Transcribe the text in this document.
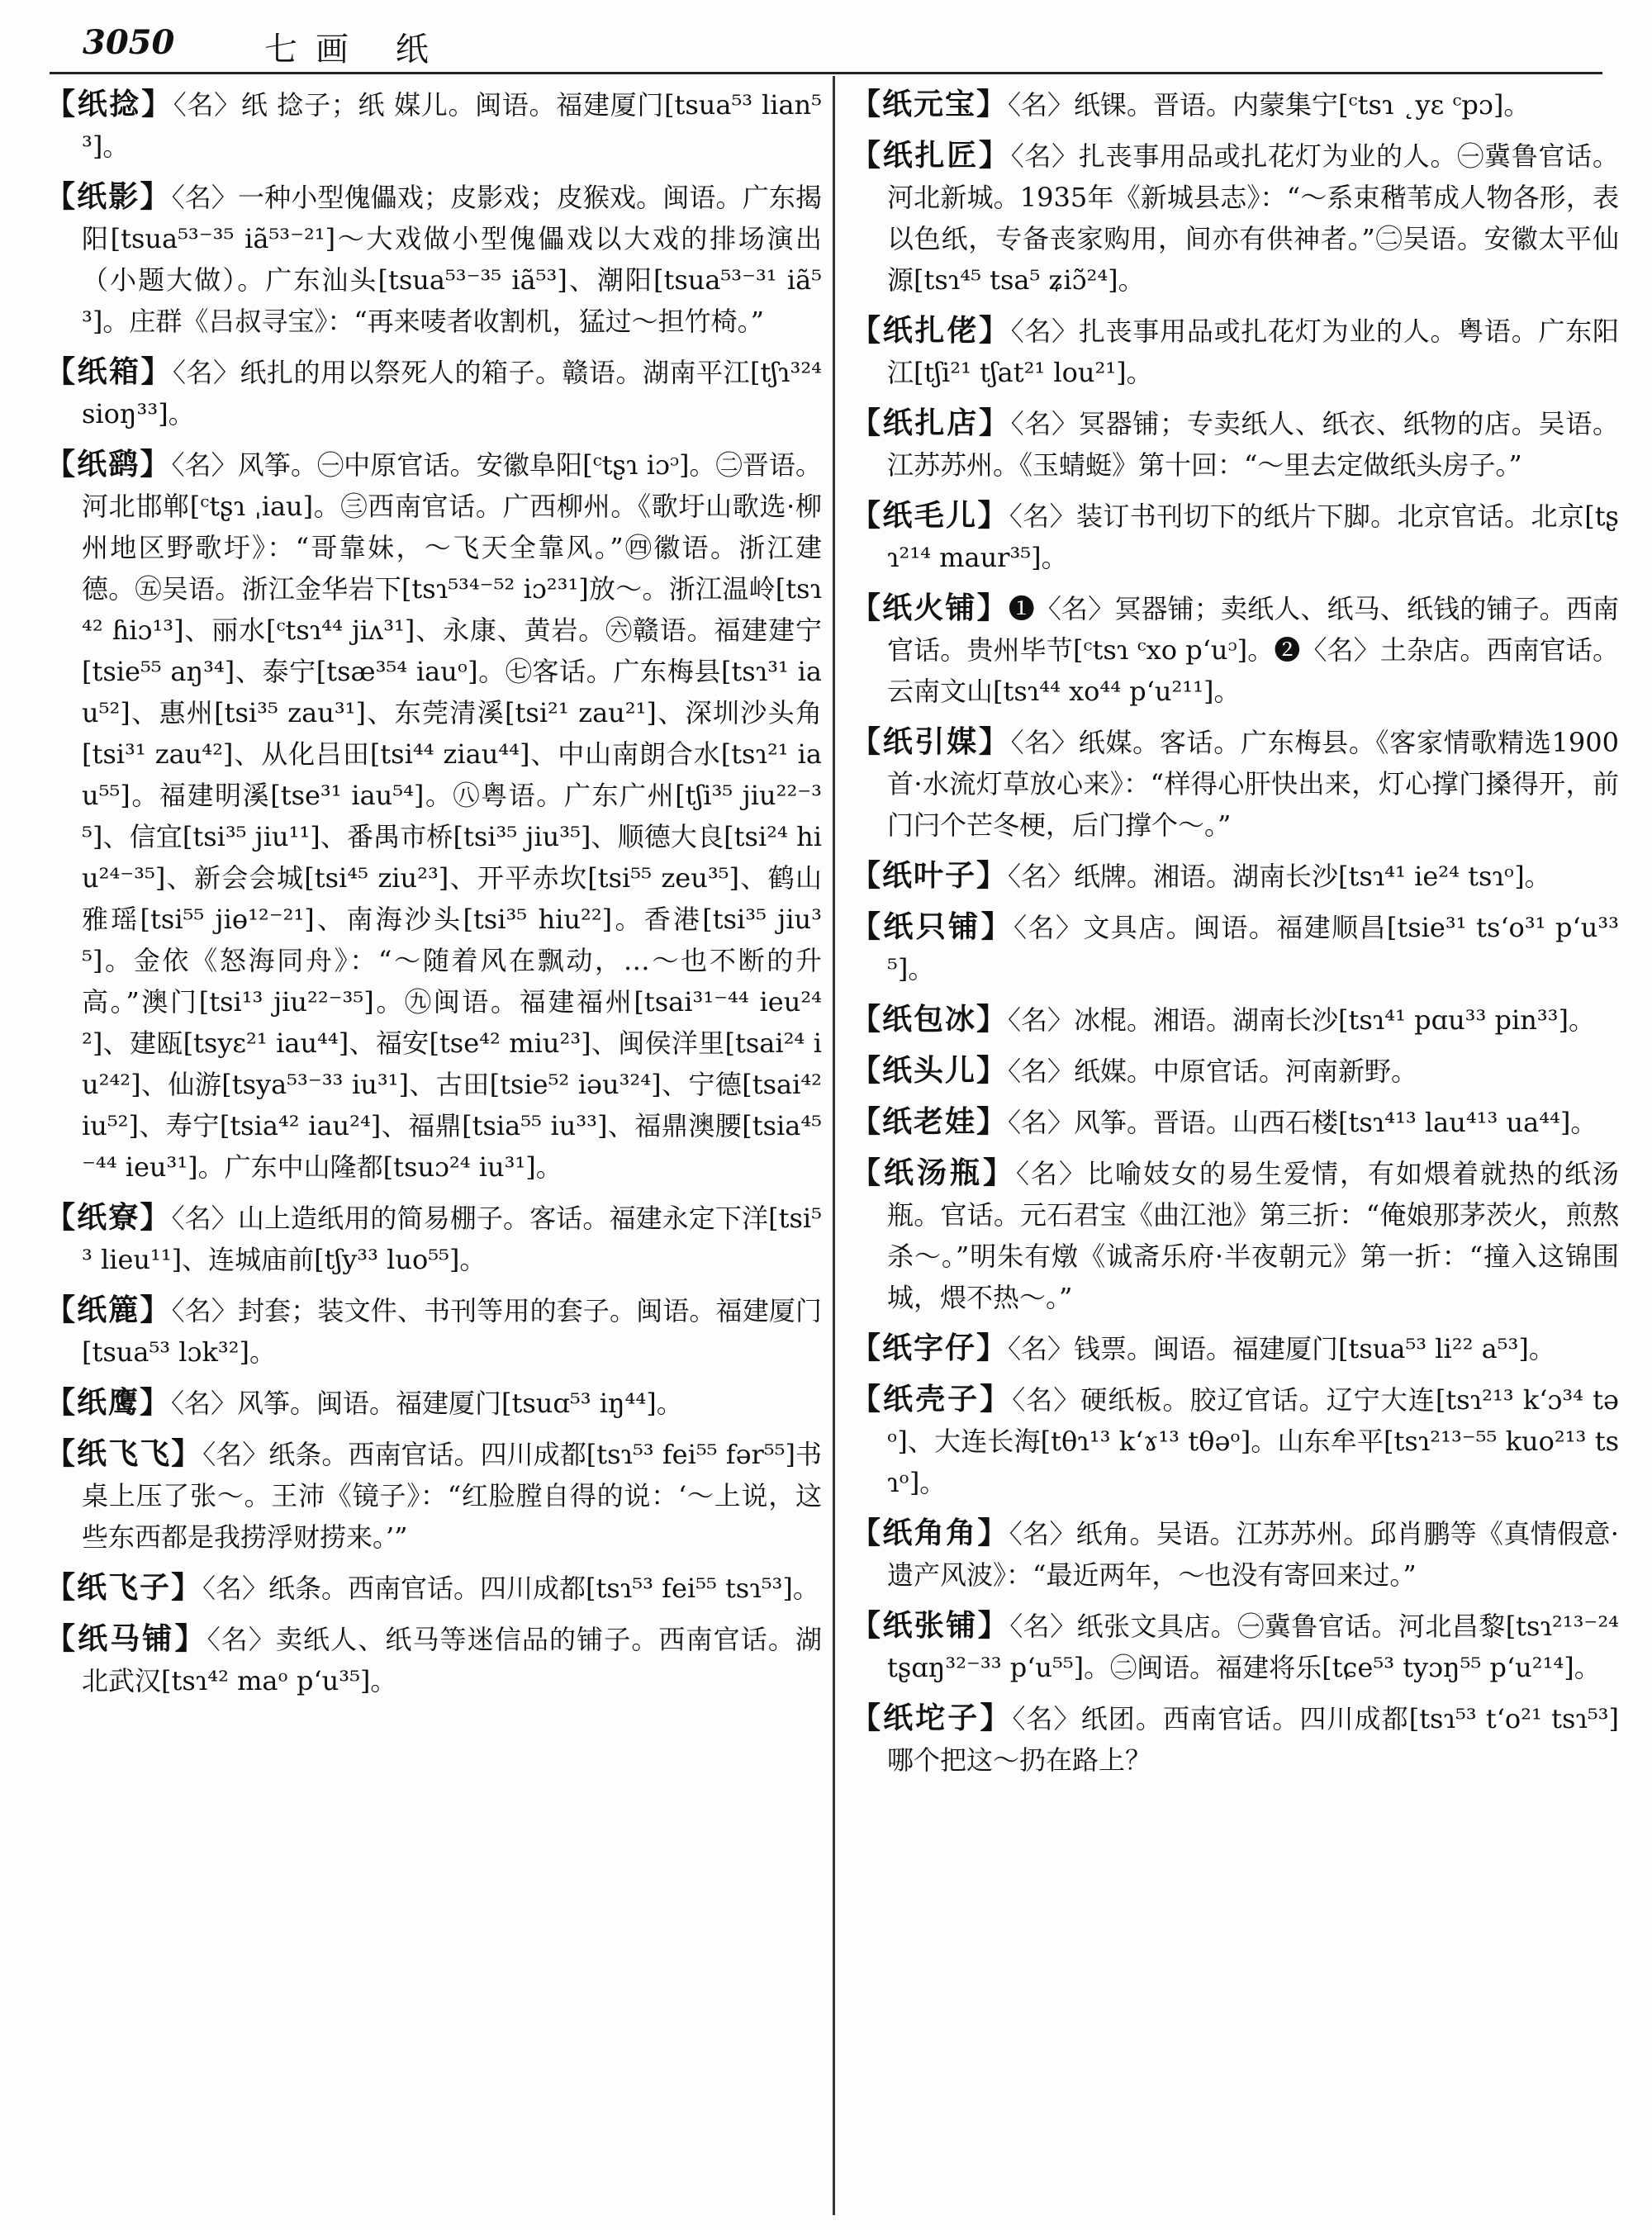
3050	七画 纸

【纸捻】〈名〉纸 捻子；纸 媒儿。闽语。福建厦门[tsua⁵³ lian⁵³]。

【纸影】〈名〉一种小型傀儡戏；皮影戏；皮猴戏。闽语。广东揭阳[tsua⁵³⁻³⁵ iã⁵³⁻²¹]～大戏做小型傀儡戏以大戏的排场演出（小题大做）。广东汕头[tsua⁵³⁻³⁵ iã⁵³]、潮阳[tsua⁵³⁻³¹ iã⁵³]。庄群《吕叔寻宝》：“再来唛者收割机，猛过～担竹椅。”

【纸箱】〈名〉纸扎的用以祭死人的箱子。赣语。湖南平江[tʃɿ³²⁴ sioŋ³³]。

【纸鹞】〈名〉风筝。㊀中原官话。安徽阜阳[ᶜtʂɿ iɔᵓ]。㊁晋语。河北邯郸[ᶜtʂɿ ˌiau]。㊂西南官话。广西柳州。《歌圩山歌选·柳州地区野歌圩》：“哥靠妹，～飞天全靠风。”㊃徽语。浙江建德。㊄吴语。浙江金华岩下[tsɿ⁵³⁴⁻⁵² iɔ²³¹]放～。浙江温岭[tsɿ⁴² ɦiɔ¹³]、丽水[ᶜtsɿ⁴⁴ jiʌ³¹]、永康、黄岩。㊅赣语。福建建宁[tsie⁵⁵ aŋ³⁴]、泰宁[tsæ³⁵⁴ iauᵒ]。㊆客话。广东梅县[tsɿ³¹ iau⁵²]、惠州[tsi³⁵ zau³¹]、东莞清溪[tsi²¹ zau²¹]、深圳沙头角[tsi³¹ zau⁴²]、从化吕田[tsi⁴⁴ ziau⁴⁴]、中山南朗合水[tsɿ²¹ iau⁵⁵]。福建明溪[tse³¹ iau⁵⁴]。㊇粤语。广东广州[tʃi³⁵ jiu²²⁻³⁵]、信宜[tsi³⁵ jiu¹¹]、番禺市桥[tsi³⁵ jiu³⁵]、顺德大良[tsi²⁴ hiu²⁴⁻³⁵]、新会会城[tsi⁴⁵ ziu²³]、开平赤坎[tsi⁵⁵ zeu³⁵]、鹤山雅瑶[tsi⁵⁵ jiɵ¹²⁻²¹]、南海沙头[tsi³⁵ hiu²²]。香港[tsi³⁵ jiu³⁵]。金依《怒海同舟》：“～随着风在飘动，…～也不断的升高。”澳门[tsi¹³ jiu²²⁻³⁵]。㊈闽语。福建福州[tsai³¹⁻⁴⁴ ieu²⁴²]、建瓯[tsyɛ²¹ iau⁴⁴]、福安[tse⁴² miu²³]、闽侯洋里[tsai²⁴ iu²⁴²]、仙游[tsya⁵³⁻³³ iu³¹]、古田[tsie⁵² iəu³²⁴]、宁德[tsai⁴² iu⁵²]、寿宁[tsia⁴² iau²⁴]、福鼎[tsia⁵⁵ iu³³]、福鼎澳腰[tsia⁴⁵⁻⁴⁴ ieu³¹]。广东中山隆都[tsuɔ²⁴ iu³¹]。

【纸寮】〈名〉山上造纸用的简易棚子。客话。福建永定下洋[tsi⁵³ lieu¹¹]、连城庙前[tʃy³³ luo⁵⁵]。

【纸簏】〈名〉封套；装文件、书刊等用的套子。闽语。福建厦门[tsua⁵³ lɔk³²]。

【纸鹰】〈名〉风筝。闽语。福建厦门[tsuɑ⁵³ iŋ⁴⁴]。

【纸飞飞】〈名〉纸条。西南官话。四川成都[tsɿ⁵³ fei⁵⁵ fər⁵⁵]书桌上压了张～。王沛《镜子》：“红脸膛自得的说：‘～上说，这些东西都是我捞浮财捞来。’”

【纸飞子】〈名〉纸条。西南官话。四川成都[tsɿ⁵³ fei⁵⁵ tsɿ⁵³]。

【纸马铺】〈名〉卖纸人、纸马等迷信品的铺子。西南官话。湖北武汉[tsɿ⁴² maᵒ pʻu³⁵]。

【纸元宝】〈名〉纸锞。晋语。内蒙集宁[ᶜtsɿ ˛yɛ ᶜpɔ]。

【纸扎匠】〈名〉扎丧事用品或扎花灯为业的人。㊀冀鲁官话。河北新城。1935年《新城县志》：“～系束稭苇成人物各形，表以色纸，专备丧家购用，间亦有供神者。”㊁吴语。安徽太平仙源[tsɿ⁴⁵ tsa⁵ ʑiɔ̃²⁴]。

【纸扎佬】〈名〉扎丧事用品或扎花灯为业的人。粤语。广东阳江[tʃi²¹ tʃat²¹ lou²¹]。

【纸扎店】〈名〉冥器铺；专卖纸人、纸衣、纸物的店。吴语。江苏苏州。《玉蜻蜓》第十回：“～里去定做纸头房子。”

【纸毛儿】〈名〉装订书刊切下的纸片下脚。北京官话。北京[tʂɿ²¹⁴ maur³⁵]。

【纸火铺】❶〈名〉冥器铺；卖纸人、纸马、纸钱的铺子。西南官话。贵州毕节[ᶜtsɿ ᶜxo pʻuᵓ]。❷〈名〉土杂店。西南官话。云南文山[tsɿ⁴⁴ xo⁴⁴ pʻu²¹¹]。

【纸引媒】〈名〉纸媒。客话。广东梅县。《客家情歌精选1900首·水流灯草放心来》：“样得心肝快出来，灯心撑门搡得开，前门闩个芒冬梗，后门撑个～。”

【纸叶子】〈名〉纸牌。湘语。湖南长沙[tsɿ⁴¹ ie²⁴ tsɿᵒ]。

【纸只铺】〈名〉文具店。闽语。福建顺昌[tsie³¹ tsʻo³¹ pʻu³³⁵]。

【纸包冰】〈名〉冰棍。湘语。湖南长沙[tsɿ⁴¹ pɑu³³ pin³³]。

【纸头儿】〈名〉纸媒。中原官话。河南新野。

【纸老娃】〈名〉风筝。晋语。山西石楼[tsɿ⁴¹³ lau⁴¹³ ua⁴⁴]。

【纸汤瓶】〈名〉比喻妓女的易生爱情，有如煨着就热的纸汤瓶。官话。元石君宝《曲江池》第三折：“俺娘那茅茨火，煎熬杀～。”明朱有燉《诚斋乐府·半夜朝元》第一折：“撞入这锦围城，煨不热～。”

【纸字仔】〈名〉钱票。闽语。福建厦门[tsua⁵³ li²² a⁵³]。

【纸壳子】〈名〉硬纸板。胶辽官话。辽宁大连[tsɿ²¹³ kʻɔ³⁴ təᵒ]、大连长海[tθɿ¹³ kʻɤ¹³ tθəᵒ]。山东牟平[tsɿ²¹³⁻⁵⁵ kuo²¹³ tsɿᵒ]。

【纸角角】〈名〉纸角。吴语。江苏苏州。邱肖鹏等《真情假意·遗产风波》：“最近两年，～也没有寄回来过。”

【纸张铺】〈名〉纸张文具店。㊀冀鲁官话。河北昌黎[tsɿ²¹³⁻²⁴ tʂɑŋ³²⁻³³ pʻu⁵⁵]。㊁闽语。福建将乐[tɕe⁵³ tyɔŋ⁵⁵ pʻu²¹⁴]。

【纸坨子】〈名〉纸团。西南官话。四川成都[tsɿ⁵³ tʻo²¹ tsɿ⁵³]哪个把这～扔在路上？
